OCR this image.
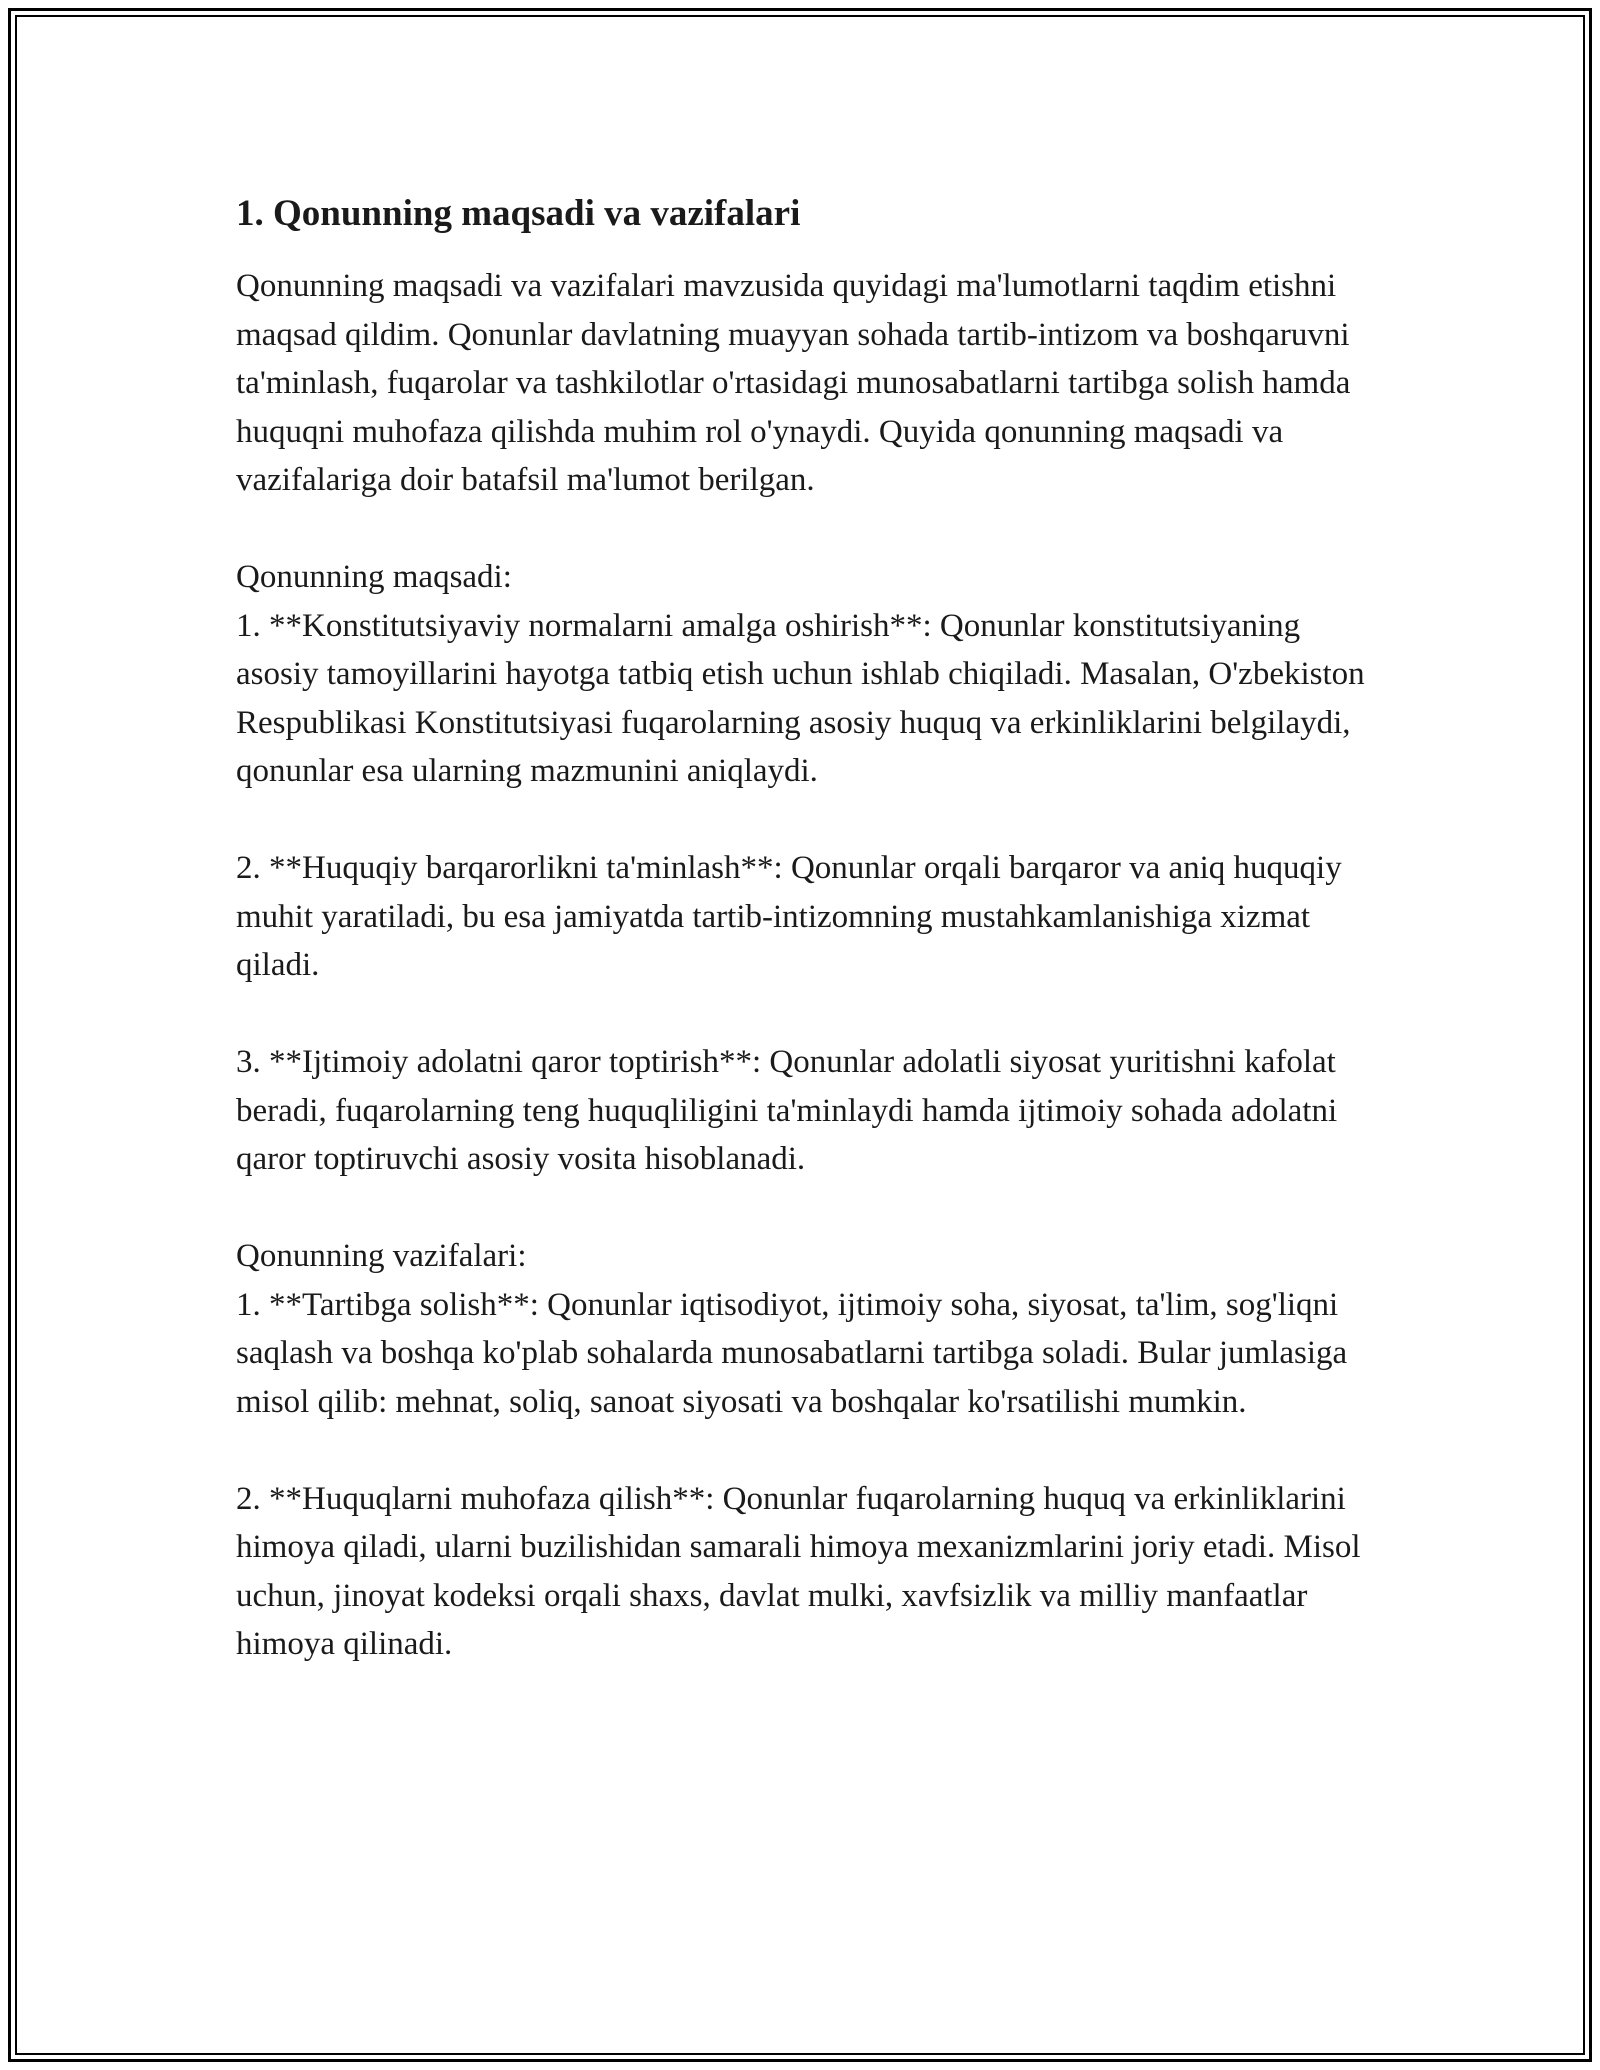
1. Qonunning maqsadi va vazifalari

Qonunning maqsadi va vazifalari mavzusida quyidagi ma'lumotlarni taqdim etishni maqsad qildim. Qonunlar davlatning muayyan sohada tartib-intizom va boshqaruvni ta'minlash, fuqarolar va tashkilotlar o'rtasidagi munosabatlarni tartibga solish hamda huquqni muhofaza qilishda muhim rol o'ynaydi. Quyida qonunning maqsadi va vazifalariga doir batafsil ma'lumot berilgan.

Qonunning maqsadi:

1. **Konstitutsiyaviy normalarni amalga oshirish**: Qonunlar konstitutsiyaning asosiy tamoyillarini hayotga tatbiq etish uchun ishlab chiqiladi. Masalan, O'zbekiston Respublikasi Konstitutsiyasi fuqarolarning asosiy huquq va erkinliklarini belgilaydi, qonunlar esa ularning mazmunini aniqlaydi.

2. **Huquqiy barqarorlikni ta'minlash**: Qonunlar orqali barqaror va aniq huquqiy muhit yaratiladi, bu esa jamiyatda tartib-intizomning mustahkamlanishiga xizmat qiladi.

3. **Ijtimoiy adolatni qaror toptirish**: Qonunlar adolatli siyosat yuritishni kafolat beradi, fuqarolarning teng huquqliligini ta'minlaydi hamda ijtimoiy sohada adolatni qaror toptiruvchi asosiy vosita hisoblanadi.

Qonunning vazifalari:

1. **Tartibga solish**: Qonunlar iqtisodiyot, ijtimoiy soha, siyosat, ta'lim, sog'liqni saqlash va boshqa ko'plab sohalarda munosabatlarni tartibga soladi. Bular jumlasiga misol qilib: mehnat, soliq, sanoat siyosati va boshqalar ko'rsatilishi mumkin.

2. **Huquqlarni muhofaza qilish**: Qonunlar fuqarolarning huquq va erkinliklarini himoya qiladi, ularni buzilishidan samarali himoya mexanizmlarini joriy etadi. Misol uchun, jinoyat kodeksi orqali shaxs, davlat mulki, xavfsizlik va milliy manfaatlar himoya qilinadi.
